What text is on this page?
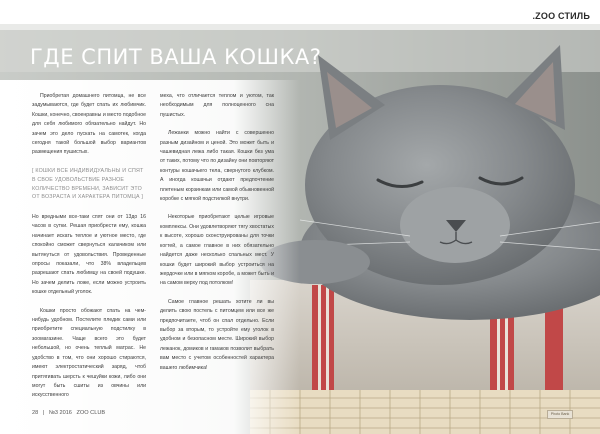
.ZOO СТИЛЬ
ГДЕ СПИТ ВАША КОШКА?

Приобретая домашнего питомца, не все задумываются, где будет спать их любимчик. Кошки, конечно, своенравны и место подобное для себя любимого обязательно найдут. Но зачем это дело пускать на самотек, когда сегодня такой большой выбор вариантов размещения пушистых.

[ КОШКИ ВСЕ ИНДИВИДУАЛЬНЫ И СПЯТ В СВОЕ УДОВОЛЬСТВИЕ РАЗНОЕ КОЛИЧЕСТВО ВРЕМЕНИ, ЗАВИСИТ ЭТО ОТ ВОЗРАСТА И ХАРАКТЕРА ПИТОМЦА ]

Но вредными все-таки спят они от 13до 16 часов в сутки. Решая приобрести ему, кошка начинает искать теплое и уютное место, где спокойно сможет свернуться калачиком или вытянуться от удовольствия. Проведенные опросы показали, что 38% владельцев разрешают спать любимцу на своей подушке. Но зачем делить ложе, если можно устроить кошке отдельный уголок.

Кошки просто обожают спать на чем-нибудь удобном. Постелите пледик сами или приобретите специальную подстилку в зоомагазине. Чаще всего это будет небольшой, но очень теплый матрас. Не удобство в том, что они хорошо стираются, имеют электростатический заряд, чтоб притягивать шерсть к чешуйки кожи, либо они могут быть сшиты из овчины или искусственного

меха, что отличается теплом и уютом, так необходимым для полноценного сна пушистых.

Лежанки можно найти с совершенно разным дизайном и ценой. Это может быть и чашевидная лежа либо такая. Кошки без ума от таких, потому что по дизайну они повторяют контуры кошачьего тела, свернутого клубком. А иногда кошачьи отдают предпочтение плетеным корзинкам или самой обыкновенной коробке с мягкой подстилкой внутри.

Некоторые приобретают целые игровые комплексы. Они удовлетворяют тягу хвостатых к высоте, хорошо сконструированы для точки когтей, а самое главное в них обязательно найдется даже несколько спальных мест. У кошки будет широкий выбор устроиться на жердочке или в мягком коробе, а может быть и на самом верху под потолком!

Самое главное решать хотите ли вы делить свою постель с питомцем или все же предпочитаете, чтоб он спал отдельно. Если выбор за вторым, то устройте ему уголок в удобном и безопасном месте. Широкий выбор лежанок, домиков и гамаков позволит выбрать вам место с учетом особенностей характера вашего любимчика!

28 | №3 2016 ZOO CLUB	Photo Bank
